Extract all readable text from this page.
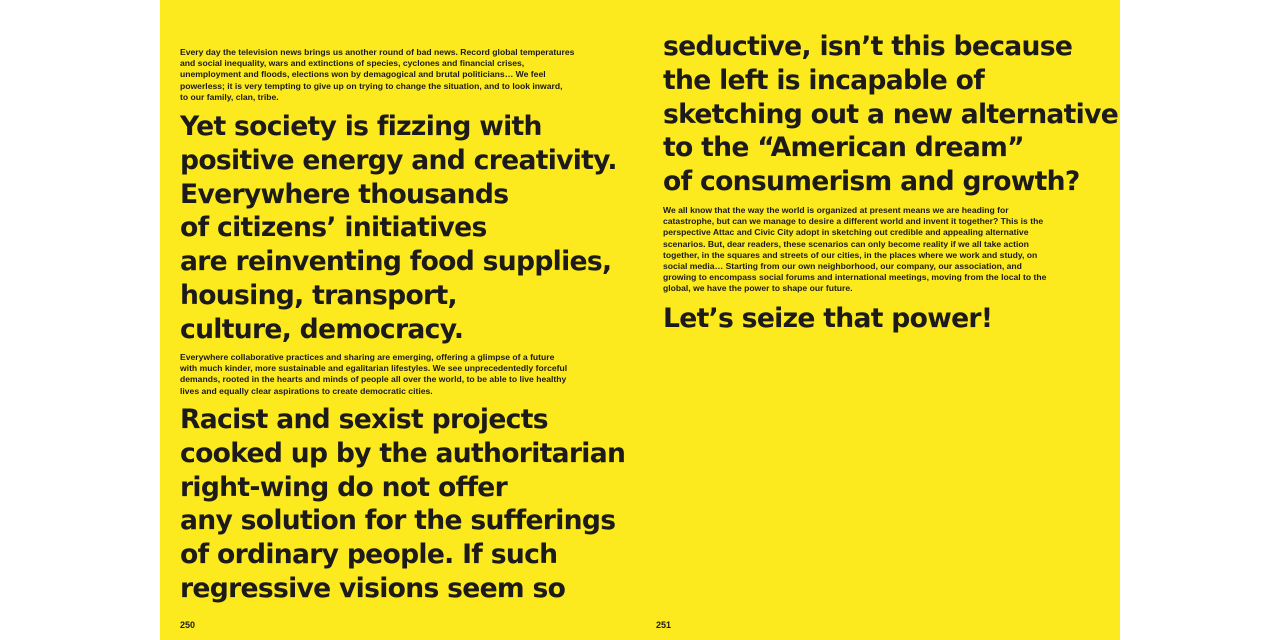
Every day the television news brings us another round of bad news. Record global temperatures
and social inequality, wars and extinctions of species, cyclones and financial crises,
unemployment and floods, elections won by demagogical and brutal politicians… We feel
powerless; it is very tempting to give up on trying to change the situation, and to look inward,
to our family, clan, tribe.

Yet society is fizzing with
positive energy and creativity.
Everywhere thousands
of citizens’ initiatives
are reinventing food supplies,
housing, transport,
culture, democracy.

Everywhere collaborative practices and sharing are emerging, offering a glimpse of a future
with much kinder, more sustainable and egalitarian lifestyles. We see unprecedentedly forceful
demands, rooted in the hearts and minds of people all over the world, to be able to live healthy
lives and equally clear aspirations to create democratic cities.

Racist and sexist projects
cooked up by the authoritarian
right-wing do not offer
any solution for the sufferings
of ordinary people. If such
regressive visions seem so

250

seductive, isn’t this because
the left is incapable of
sketching out a new alternative
to the “American dream”
of consumerism and growth?

We all know that the way the world is organized at present means we are heading for
catastrophe, but can we manage to desire a different world and invent it together? This is the
perspective Attac and Civic City adopt in sketching out credible and appealing alternative
scenarios. But, dear readers, these scenarios can only become reality if we all take action
together, in the squares and streets of our cities, in the places where we work and study, on
social media… Starting from our own neighborhood, our company, our association, and
growing to encompass social forums and international meetings, moving from the local to the
global, we have the power to shape our future.

Let’s seize that power!

251
